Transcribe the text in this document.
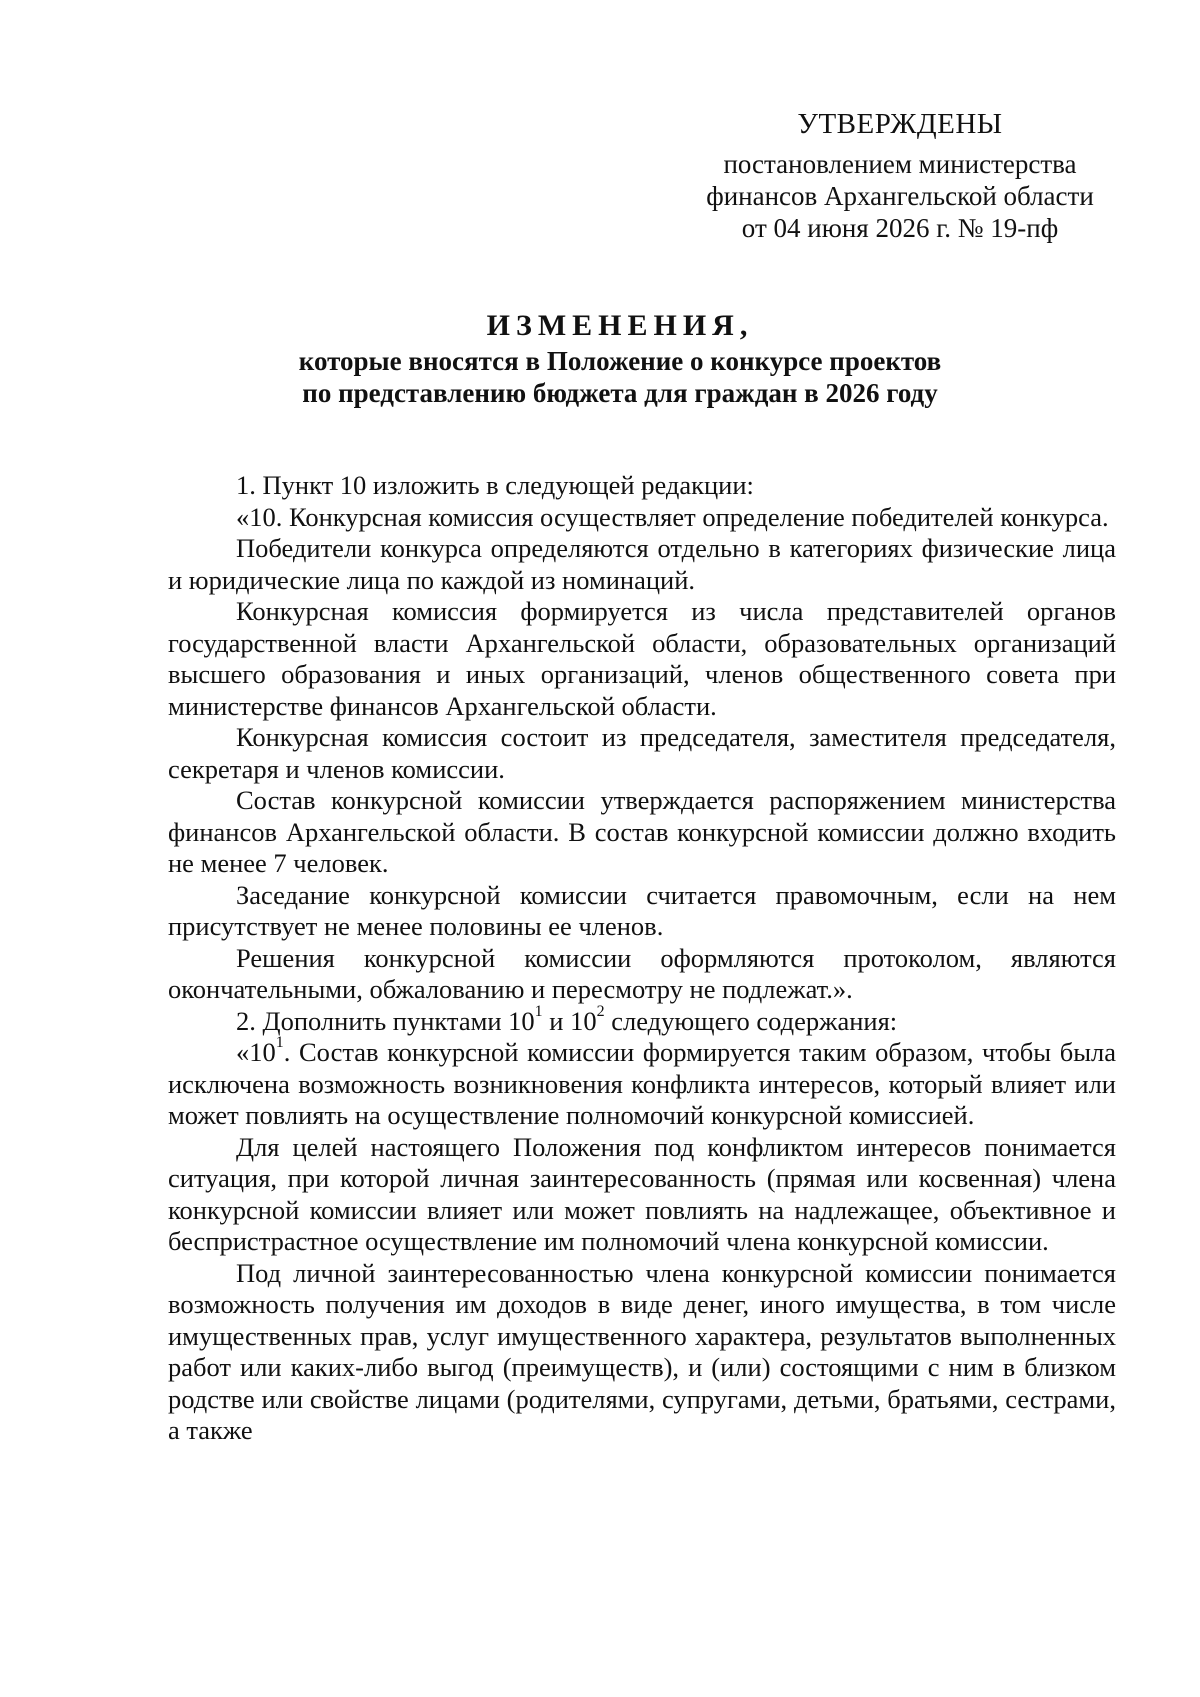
УТВЕРЖДЕНЫ
постановлением министерства
финансов Архангельской области
от 04 июня 2026 г. № 19-пф
ИЗМЕНЕНИЯ,
которые вносятся в Положение о конкурсе проектов
по представлению бюджета для граждан в 2026 году

1. Пункт 10 изложить в следующей редакции:

«10. Конкурсная комиссия осуществляет определение победителей конкурса.

Победители конкурса определяются отдельно в категориях физические лица и юридические лица по каждой из номинаций.

Конкурсная комиссия формируется из числа представителей органов государственной власти Архангельской области, образовательных организаций высшего образования и иных организаций, членов общественного совета при министерстве финансов Архангельской области.

Конкурсная комиссия состоит из председателя, заместителя председателя, секретаря и членов комиссии.

Состав конкурсной комиссии утверждается распоряжением министерства финансов Архангельской области. В состав конкурсной комиссии должно входить не менее 7 человек.

Заседание конкурсной комиссии считается правомочным, если на нем присутствует не менее половины ее членов.

Решения конкурсной комиссии оформляются протоколом, являются окончательными, обжалованию и пересмотру не подлежат.».

2. Дополнить пунктами $10^1$ и $10^2$ следующего содержания:

«$10^1$. Состав конкурсной комиссии формируется таким образом, чтобы была исключена возможность возникновения конфликта интересов, который влияет или может повлиять на осуществление полномочий конкурсной комиссией.

Для целей настоящего Положения под конфликтом интересов понимается ситуация, при которой личная заинтересованность (прямая или косвенная) члена конкурсной комиссии влияет или может повлиять на надлежащее, объективное и беспристрастное осуществление им полномочий члена конкурсной комиссии.

Под личной заинтересованностью члена конкурсной комиссии понимается возможность получения им доходов в виде денег, иного имущества, в том числе имущественных прав, услуг имущественного характера, результатов выполненных работ или каких-либо выгод (преимуществ), и (или) состоящими с ним в близком родстве или свойстве лицами (родителями, супругами, детьми, братьями, сестрами, а также
